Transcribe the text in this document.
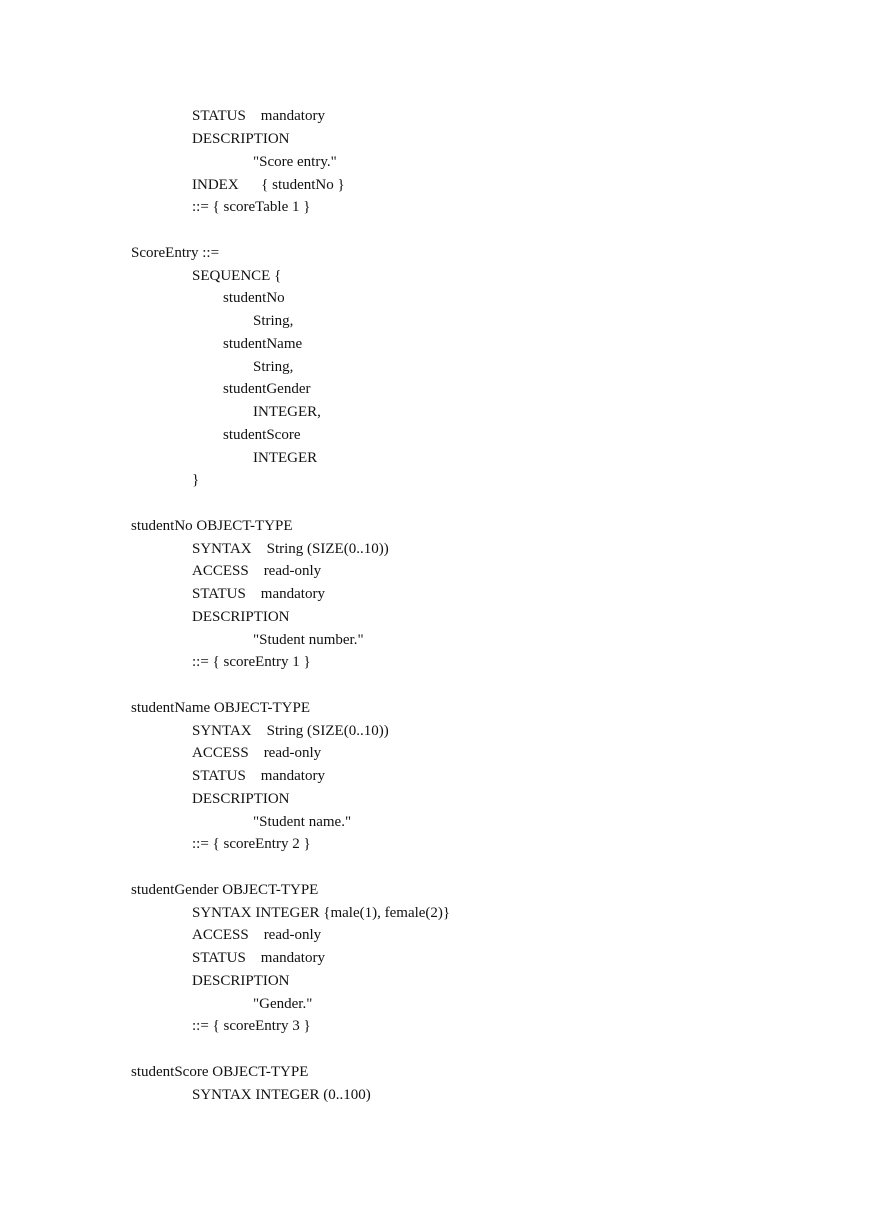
STATUS    mandatory
DESCRIPTION
"Score entry."
INDEX      { studentNo }
::= { scoreTable 1 }
ScoreEntry ::=
SEQUENCE {
studentNo
String,
studentName
String,
studentGender
INTEGER,
studentScore
INTEGER
}
studentNo OBJECT-TYPE
SYNTAX    String (SIZE(0..10))
ACCESS    read-only
STATUS    mandatory
DESCRIPTION
"Student number."
::= { scoreEntry 1 }
studentName OBJECT-TYPE
SYNTAX    String (SIZE(0..10))
ACCESS    read-only
STATUS    mandatory
DESCRIPTION
"Student name."
::= { scoreEntry 2 }
studentGender OBJECT-TYPE
SYNTAX INTEGER {male(1), female(2)}
ACCESS    read-only
STATUS    mandatory
DESCRIPTION
"Gender."
::= { scoreEntry 3 }
studentScore OBJECT-TYPE
SYNTAX INTEGER (0..100)
